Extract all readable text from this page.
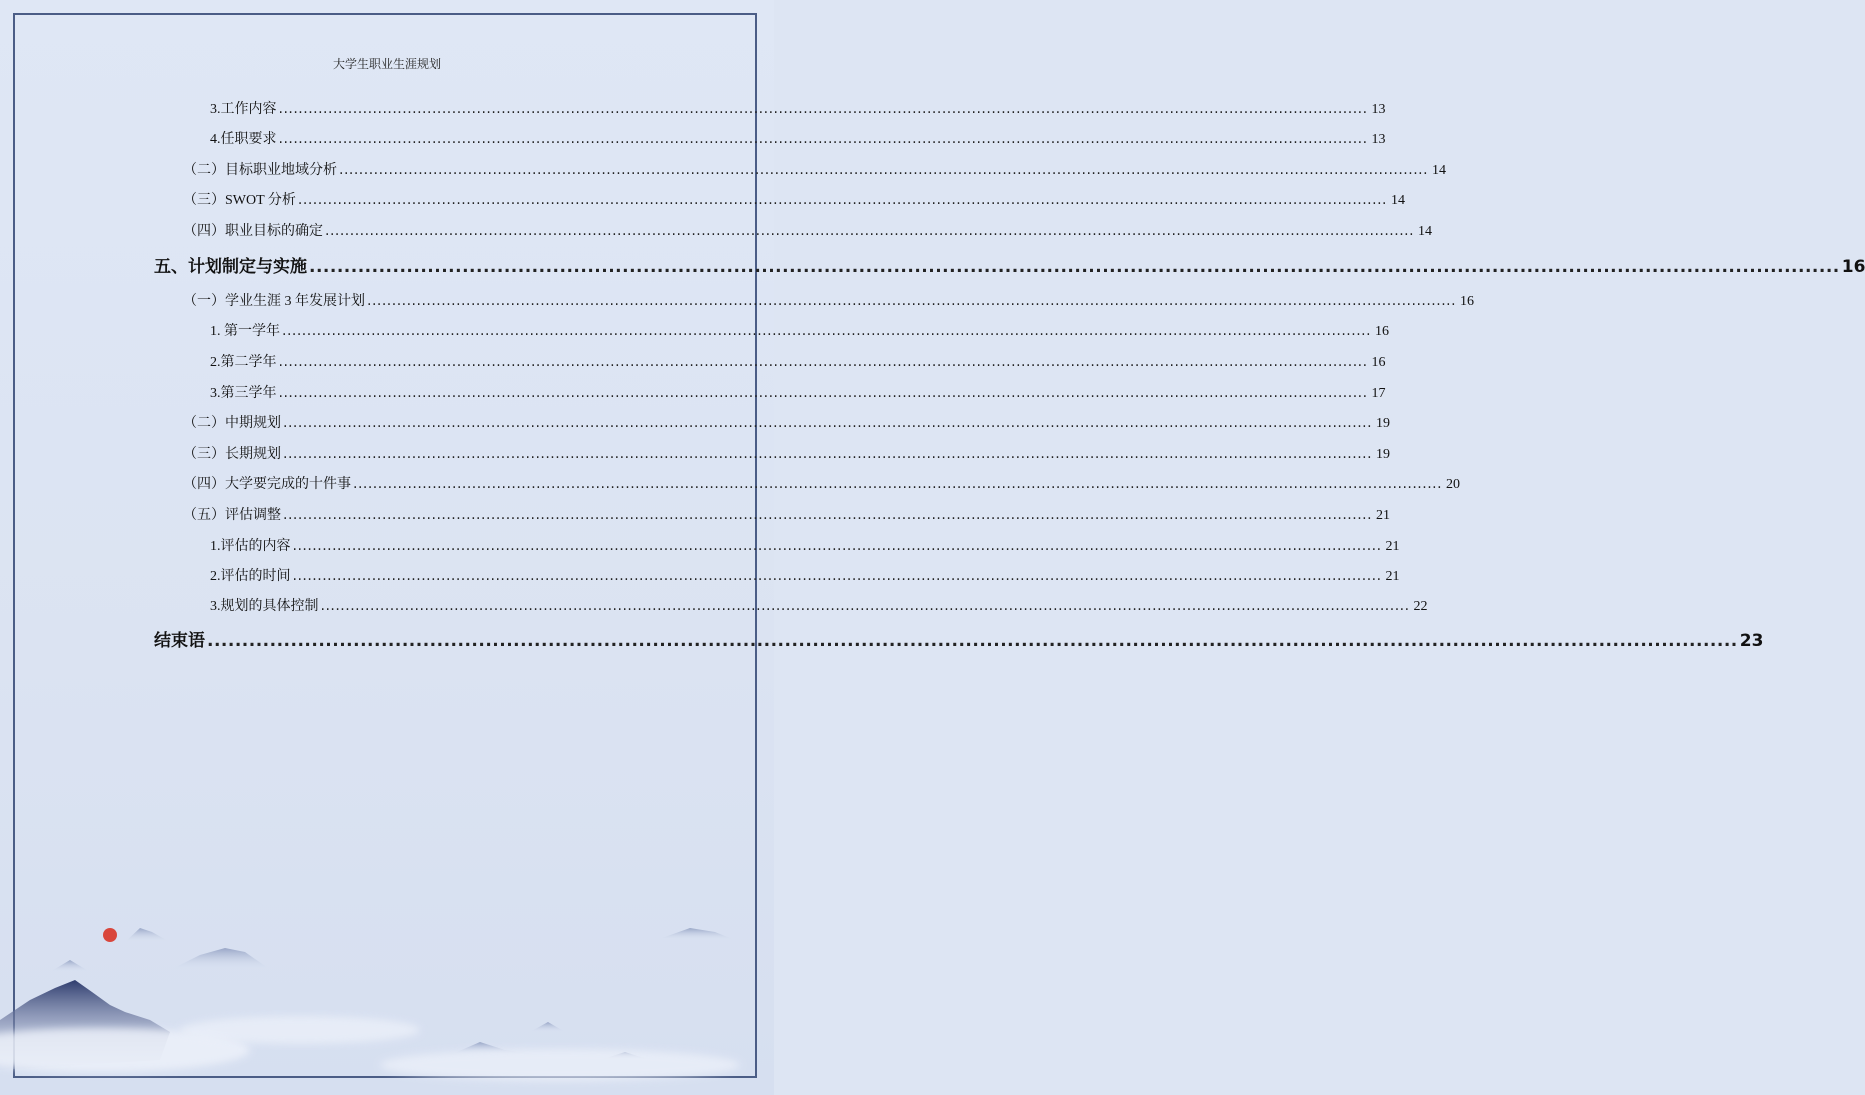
大学生职业生涯规划
3.工作内容 ............................................................................................................................................................................................................................ 13
4.任职要求 ............................................................................................................................................................................................................................ 13
（二）目标职业地域分析 ............................................................................................................................................................................................................................ 14
（三）SWOT 分析 ............................................................................................................................................................................................................................ 14
（四）职业目标的确定 ............................................................................................................................................................................................................................ 14
五、计划制定与实施 ............................................................................................................................................................................................................................ 16
（一）学业生涯 3 年发展计划 ............................................................................................................................................................................................................................ 16
1. 第一学年 ............................................................................................................................................................................................................................ 16
2.第二学年 ............................................................................................................................................................................................................................ 16
3.第三学年 ............................................................................................................................................................................................................................ 17
（二）中期规划 ............................................................................................................................................................................................................................ 19
（三）长期规划 ............................................................................................................................................................................................................................ 19
（四）大学要完成的十件事 ............................................................................................................................................................................................................................ 20
（五）评估调整 ............................................................................................................................................................................................................................ 21
1.评估的内容 ............................................................................................................................................................................................................................ 21
2.评估的时间 ............................................................................................................................................................................................................................ 21
3.规划的具体控制 ............................................................................................................................................................................................................................ 22
结束语 ............................................................................................................................................................................................................................ 23
